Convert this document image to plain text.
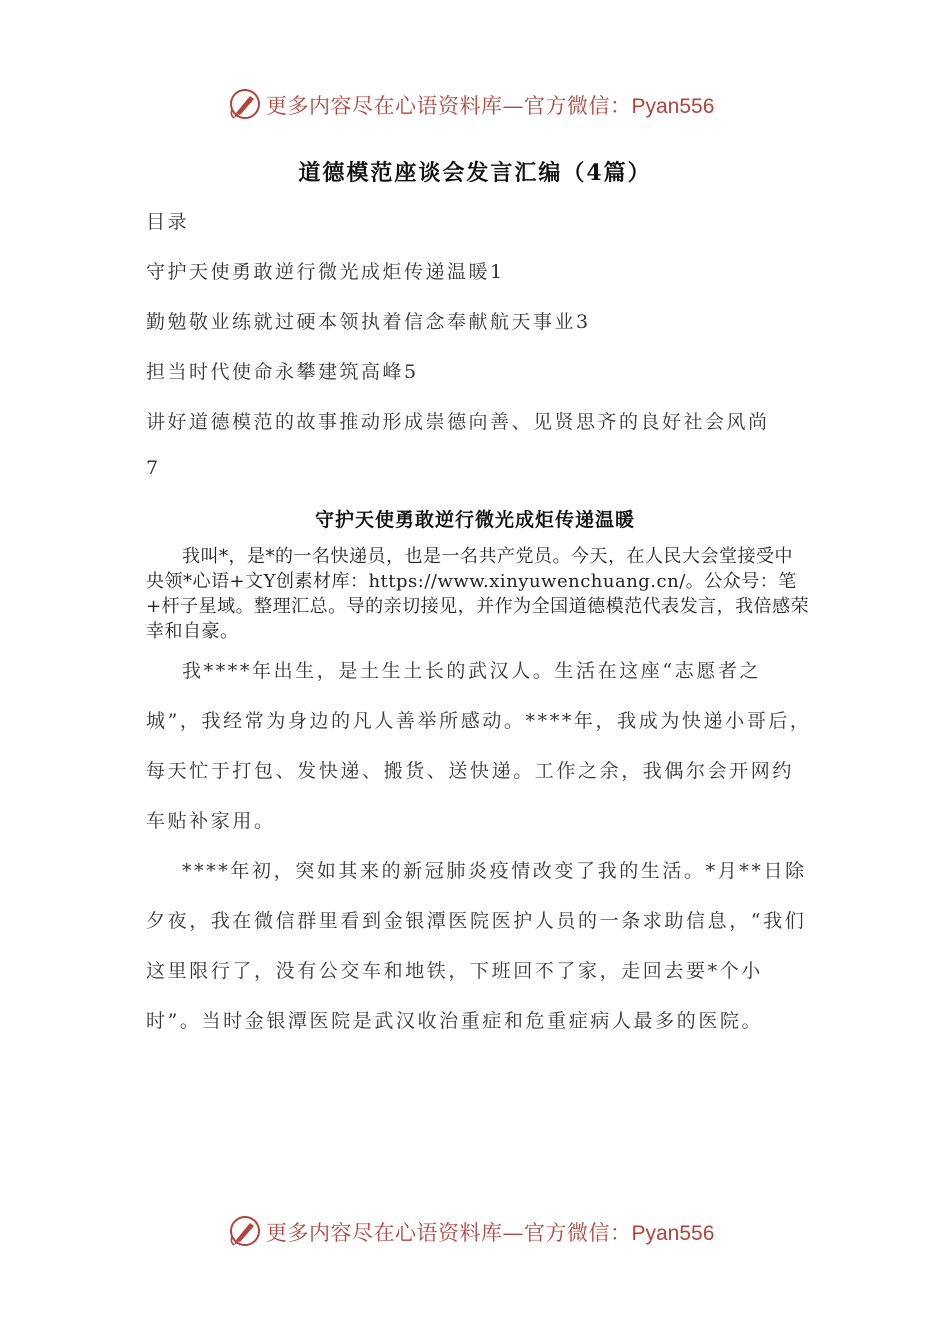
更多内容尽在心语资料库—官方微信：Pyan556
道德模范座谈会发言汇编（4篇）
目录
守护天使勇敢逆行微光成炬传递温暖1
勤勉敬业练就过硬本领执着信念奉献航天事业3
担当时代使命永攀建筑高峰5
讲好道德模范的故事推动形成崇德向善、见贤思齐的良好社会风尚
7
守护天使勇敢逆行微光成炬传递温暖
我叫*，是*的一名快递员，也是一名共产党员。今天，在人民大会堂接受中央领*心语+文Y创素材库：https://www.xinyuwenchuang.cn/。公众号：笔+杆子星域。整理汇总。导的亲切接见，并作为全国道德模范代表发言，我倍感荣幸和自豪。
我****年出生，是土生土长的武汉人。生活在这座“志愿者之城”，我经常为身边的凡人善举所感动。****年，我成为快递小哥后，每天忙于打包、发快递、搬货、送快递。工作之余，我偶尔会开网约车贴补家用。
****年初，突如其来的新冠肺炎疫情改变了我的生活。*月**日除夕夜，我在微信群里看到金银潭医院医护人员的一条求助信息，“我们这里限行了，没有公交车和地铁，下班回不了家，走回去要*个小时”。当时金银潭医院是武汉收治重症和危重症病人最多的医院。
更多内容尽在心语资料库—官方微信：Pyan556
